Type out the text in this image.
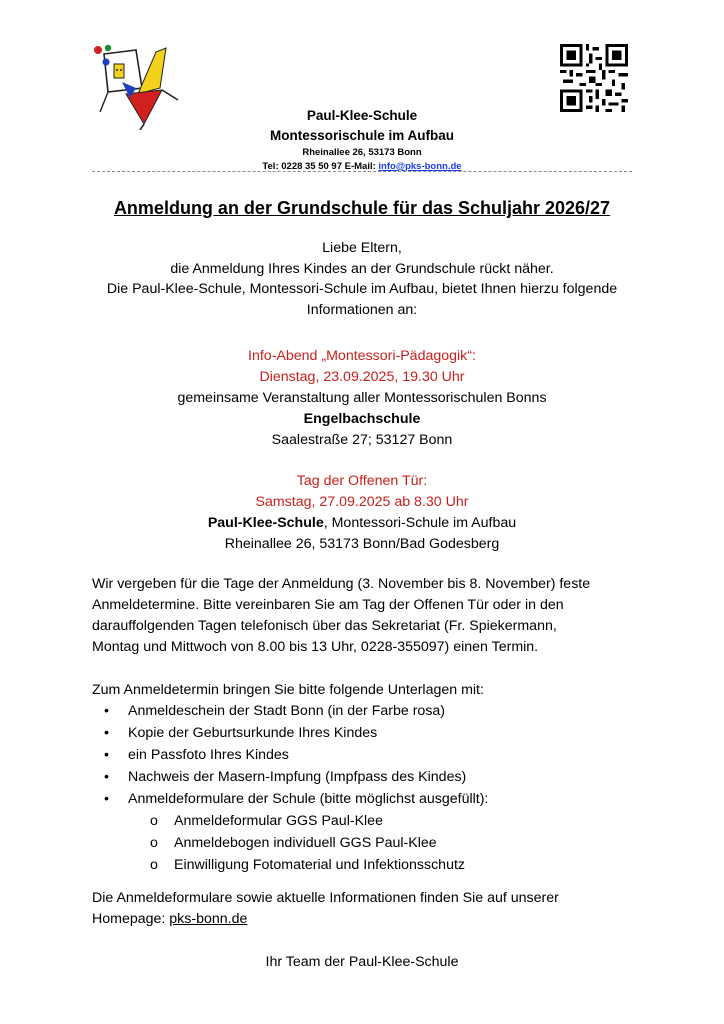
Paul-Klee-Schule
Montessorischule im Aufbau
Rheinallee 26, 53173 Bonn
Tel: 0228 35 50 97 E-Mail: info@pks-bonn.de
Anmeldung an der Grundschule für das Schuljahr 2026/27
Liebe Eltern,
die Anmeldung Ihres Kindes an der Grundschule rückt näher.
Die Paul-Klee-Schule, Montessori-Schule im Aufbau, bietet Ihnen hierzu folgende
Informationen an:
Info-Abend „Montessori-Pädagogik“:
Dienstag, 23.09.2025, 19.30 Uhr
gemeinsame Veranstaltung aller Montessorischulen Bonns
Engelbachschule
Saalestraße 27; 53127 Bonn
Tag der Offenen Tür:
Samstag, 27.09.2025 ab 8.30 Uhr
Paul-Klee-Schule, Montessori-Schule im Aufbau
Rheinallee 26, 53173 Bonn/Bad Godesberg
Wir vergeben für die Tage der Anmeldung (3. November bis 8. November) feste
Anmeldetermine. Bitte vereinbaren Sie am Tag der Offenen Tür oder in den
darauffolgenden Tagen telefonisch über das Sekretariat (Fr. Spiekermann,
Montag und Mittwoch von 8.00 bis 13 Uhr, 0228-355097) einen Termin.
Zum Anmeldetermin bringen Sie bitte folgende Unterlagen mit:
• Anmeldeschein der Stadt Bonn (in der Farbe rosa)
• Kopie der Geburtsurkunde Ihres Kindes
• ein Passfoto Ihres Kindes
• Nachweis der Masern-Impfung (Impfpass des Kindes)
• Anmeldeformulare der Schule (bitte möglichst ausgefüllt):
o Anmeldeformular GGS Paul-Klee
o Anmeldebogen individuell GGS Paul-Klee
o Einwilligung Fotomaterial und Infektionsschutz
Die Anmeldeformulare sowie aktuelle Informationen finden Sie auf unserer
Homepage: pks-bonn.de
Ihr Team der Paul-Klee-Schule
